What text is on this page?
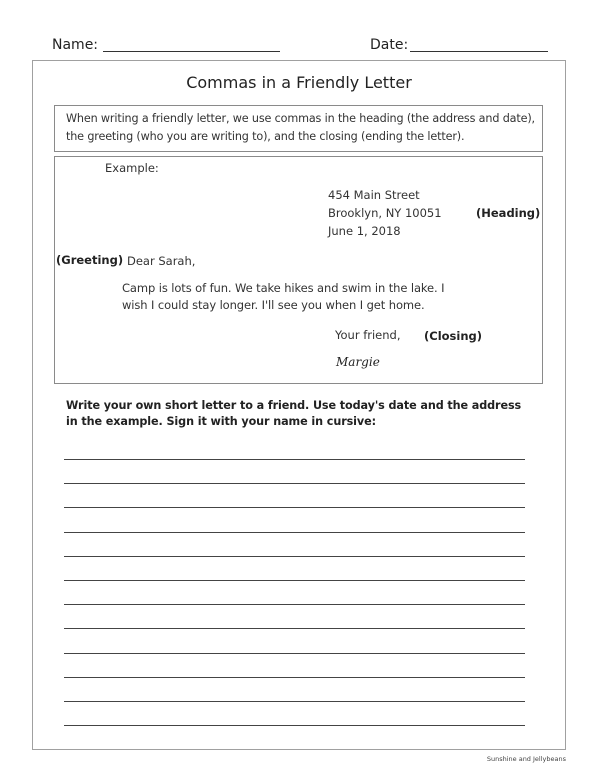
Name:	Date:
Commas in a Friendly Letter
When writing a friendly letter, we use commas in the heading (the address and date), the greeting (who you are writing to), and the closing (ending the letter).
Example:
454 Main Street
Brooklyn, NY 10051
June 1, 2018
(Heading)
(Greeting) Dear Sarah,
Camp is lots of fun. We take hikes and swim in the lake. I
wish I could stay longer. I'll see you when I get home.
Your friend, (Closing)
Margie
Write your own short letter to a friend. Use today's date and the address in the example. Sign it with your name in cursive:
Sunshine and Jellybeans
